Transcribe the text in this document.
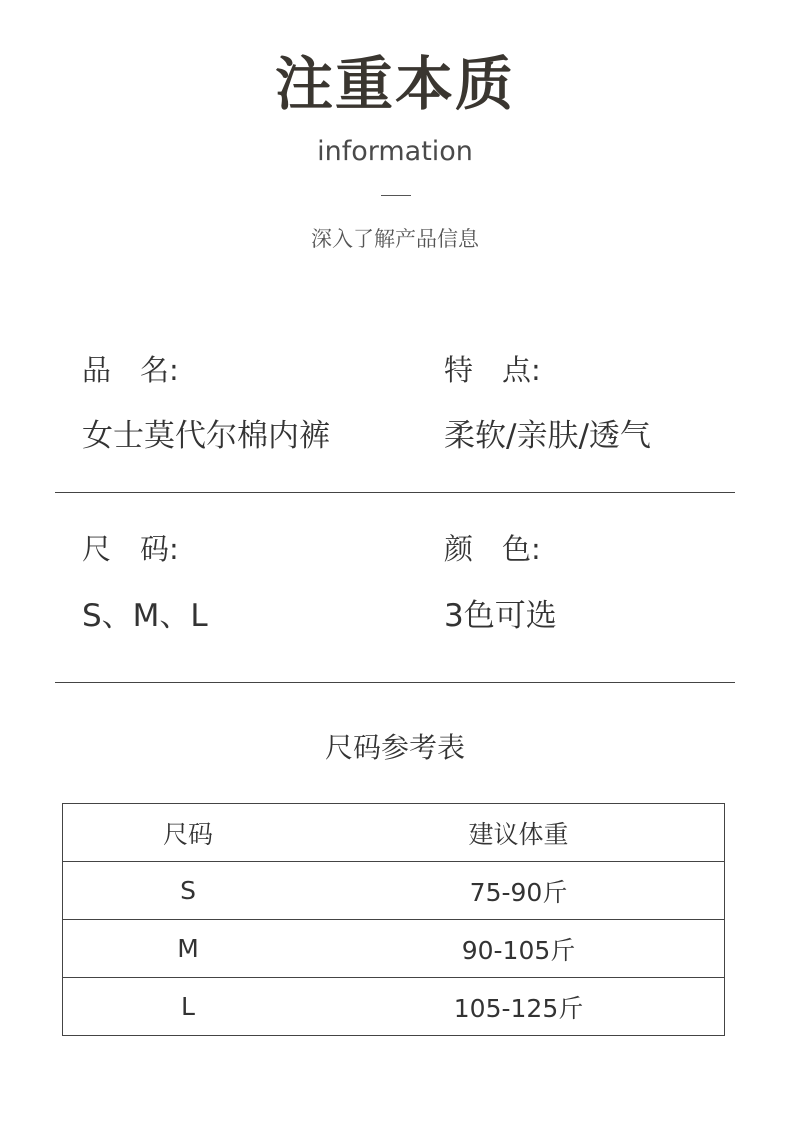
注重本质
information
深入了解产品信息
品　名:
女士莫代尔棉内裤
特　点:
柔软/亲肤/透气
尺　码:
S、M、L
颜　色:
3色可选
尺码参考表
尺码	建议体重
S	75-90斤
M	90-105斤
L	105-125斤
